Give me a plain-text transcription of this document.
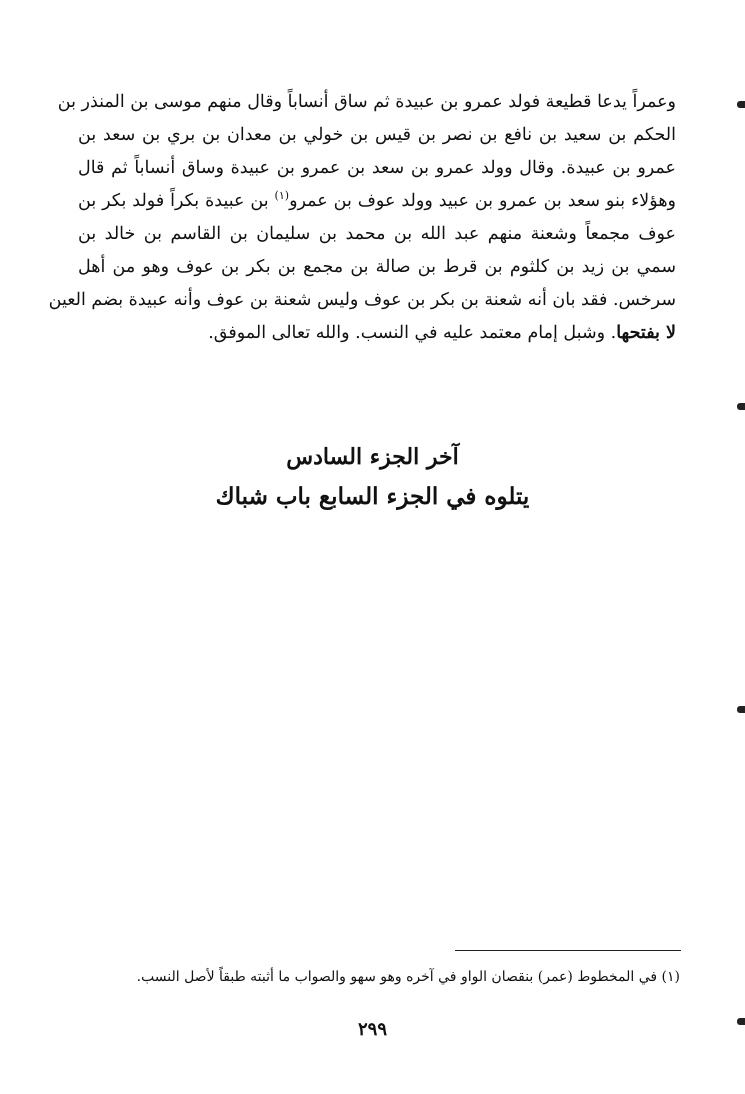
وعمراً يدعا قطيعة فولد عمرو بن عبيدة ثم ساق أنساباً وقال منهم موسى بن المنذر بن
الحكم بن سعيد بن نافع بن نصر بن قيس بن خولي بن معدان بن بري بن سعد بن
عمرو بن عبيدة. وقال وولد عمرو بن سعد بن عمرو بن عبيدة وساق أنساباً ثم قال
وهؤلاء بنو سعد بن عمرو بن عبيد وولد عوف بن عمرو$^{(١)}$ بن عبيدة بكراً فولد بكر بن
عوف مجمعاً وشعنة منهم عبد الله بن محمد بن سليمان بن القاسم بن خالد بن
سمي بن زيد بن كلثوم بن قرط بن صالة بن مجمع بن بكر بن عوف وهو من أهل
سرخس. فقد بان أنه شعنة بن بكر بن عوف وليس شعنة بن عوف وأنه عبيدة بضم العين
لا بفتحها. وشبل إمام معتمد عليه في النسب. والله تعالى الموفق.
آخر الجزء السادس
يتلوه في الجزء السابع باب شباك
(١) في المخطوط (عمر) بنقصان الواو في آخره وهو سهو والصواب ما أثبته طبقاً لأصل النسب.
٢٩٩
